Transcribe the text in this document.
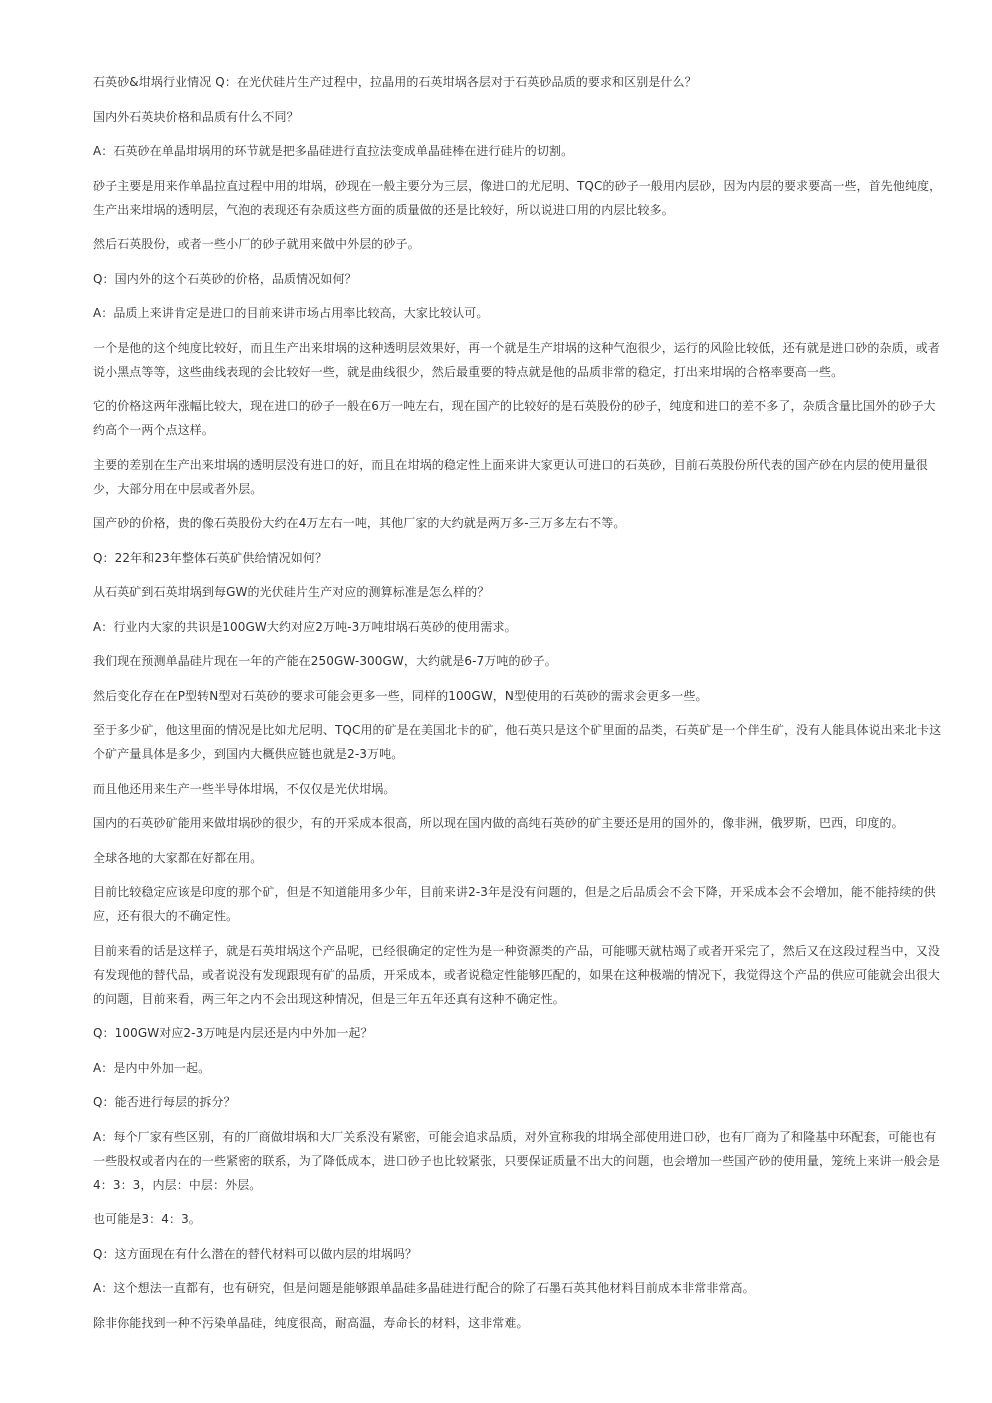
石英砂&坩埚行业情况 Q：在光伏硅片生产过程中，拉晶用的石英坩埚各层对于石英砂品质的要求和区别是什么？

国内外石英块价格和品质有什么不同？

A：石英砂在单晶坩埚用的环节就是把多晶硅进行直拉法变成单晶硅棒在进行硅片的切割。

砂子主要是用来作单晶拉直过程中用的坩埚，砂现在一般主要分为三层，像进口的尤尼明、TQC的砂子一般用内层砂，因为内层的要求要高一些，首先他纯度，生产出来坩埚的透明层，气泡的表现还有杂质这些方面的质量做的还是比较好，所以说进口用的内层比较多。

然后石英股份，或者一些小厂的砂子就用来做中外层的砂子。

Q：国内外的这个石英砂的价格，品质情况如何？

A：品质上来讲肯定是进口的目前来讲市场占用率比较高，大家比较认可。

一个是他的这个纯度比较好，而且生产出来坩埚的这种透明层效果好，再一个就是生产坩埚的这种气泡很少，运行的风险比较低，还有就是进口砂的杂质，或者说小黑点等等，这些曲线表现的会比较好一些，就是曲线很少，然后最重要的特点就是他的品质非常的稳定，打出来坩埚的合格率要高一些。

它的价格这两年涨幅比较大，现在进口的砂子一般在6万一吨左右，现在国产的比较好的是石英股份的砂子，纯度和进口的差不多了，杂质含量比国外的砂子大约高个一两个点这样。

主要的差别在生产出来坩埚的透明层没有进口的好，而且在坩埚的稳定性上面来讲大家更认可进口的石英砂，目前石英股份所代表的国产砂在内层的使用量很少，大部分用在中层或者外层。

国产砂的价格，贵的像石英股份大约在4万左右一吨，其他厂家的大约就是两万多-三万多左右不等。

Q：22年和23年整体石英矿供给情况如何？

从石英矿到石英坩埚到每GW的光伏硅片生产对应的测算标准是怎么样的？

A：行业内大家的共识是100GW大约对应2万吨-3万吨坩埚石英砂的使用需求。

我们现在预测单晶硅片现在一年的产能在250GW-300GW，大约就是6-7万吨的砂子。

然后变化存在在P型转N型对石英砂的要求可能会更多一些，同样的100GW，N型使用的石英砂的需求会更多一些。

至于多少矿，他这里面的情况是比如尤尼明、TQC用的矿是在美国北卡的矿，他石英只是这个矿里面的品类，石英矿是一个伴生矿，没有人能具体说出来北卡这个矿产量具体是多少，到国内大概供应链也就是2-3万吨。

而且他还用来生产一些半导体坩埚，不仅仅是光伏坩埚。

国内的石英砂矿能用来做坩埚砂的很少，有的开采成本很高，所以现在国内做的高纯石英砂的矿主要还是用的国外的，像非洲，俄罗斯，巴西，印度的。

全球各地的大家都在好都在用。

目前比较稳定应该是印度的那个矿，但是不知道能用多少年，目前来讲2-3年是没有问题的，但是之后品质会不会下降，开采成本会不会增加，能不能持续的供应，还有很大的不确定性。

目前来看的话是这样子，就是石英坩埚这个产品呢，已经很确定的定性为是一种资源类的产品，可能哪天就枯竭了或者开采完了，然后又在这段过程当中，又没有发现他的替代品，或者说没有发现跟现有矿的品质，开采成本，或者说稳定性能够匹配的，如果在这种极端的情况下，我觉得这个产品的供应可能就会出很大的问题，目前来看，两三年之内不会出现这种情况，但是三年五年还真有这种不确定性。

Q：100GW对应2-3万吨是内层还是内中外加一起？

A：是内中外加一起。

Q：能否进行每层的拆分？

A：每个厂家有些区别，有的厂商做坩埚和大厂关系没有紧密，可能会追求品质，对外宣称我的坩埚全部使用进口砂，也有厂商为了和隆基中环配套，可能也有一些股权或者内在的一些紧密的联系，为了降低成本，进口砂子也比较紧张，只要保证质量不出大的问题，也会增加一些国产砂的使用量，笼统上来讲一般会是4：3：3，内层：中层：外层。

也可能是3：4：3。

Q：这方面现在有什么潜在的替代材料可以做内层的坩埚吗？

A：这个想法一直都有，也有研究，但是问题是能够跟单晶硅多晶硅进行配合的除了石墨石英其他材料目前成本非常非常高。

除非你能找到一种不污染单晶硅，纯度很高，耐高温，寿命长的材料，这非常难。
